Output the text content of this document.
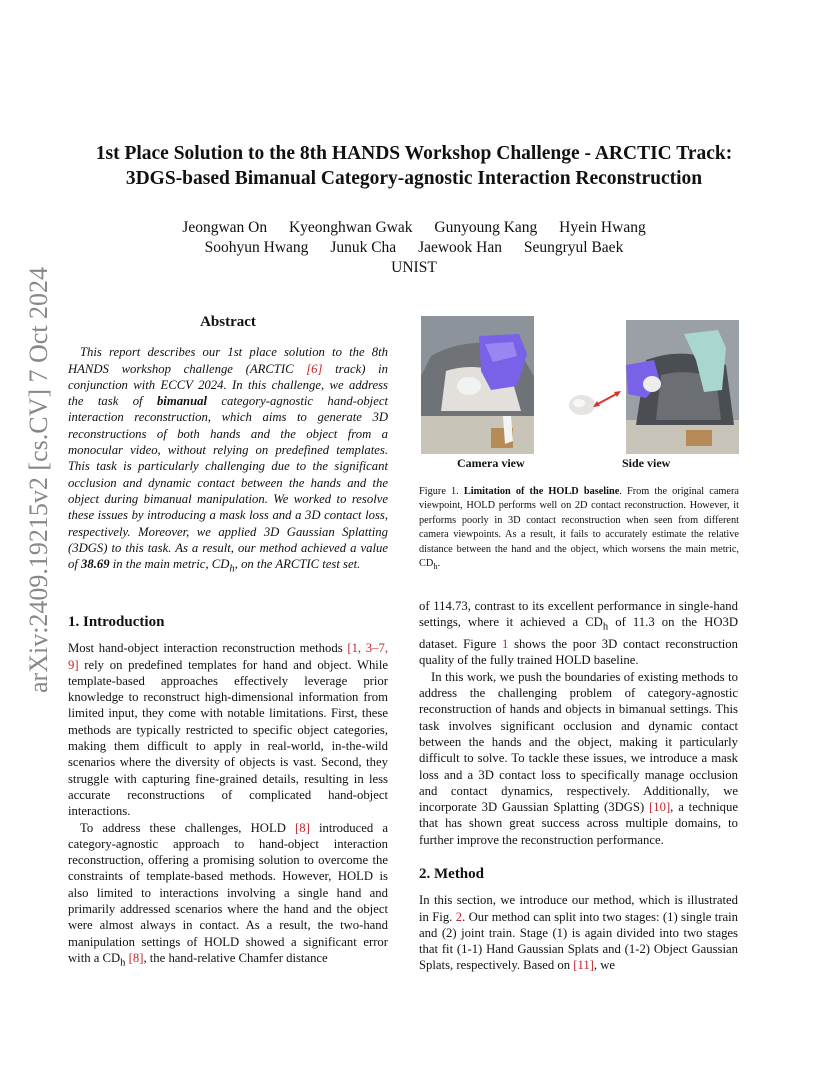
arXiv:2409.19215v2 [cs.CV] 7 Oct 2024
1st Place Solution to the 8th HANDS Workshop Challenge - ARCTIC Track:
3DGS-based Bimanual Category-agnostic Interaction Reconstruction
Jeongwan On Kyeonghwan Gwak Gunyoung Kang Hyein Hwang
Soohyun Hwang Junuk Cha Jaewook Han Seungryul Baek
UNIST
Abstract

This report describes our 1st place solution to the 8th HANDS workshop challenge (ARCTIC [6] track) in conjunction with ECCV 2024. In this challenge, we address the task of bimanual category-agnostic hand-object interaction reconstruction, which aims to generate 3D reconstructions of both hands and the object from a monocular video, without relying on predefined templates. This task is particularly challenging due to the significant occlusion and dynamic contact between the hands and the object during bimanual manipulation. We worked to resolve these issues by introducing a mask loss and a 3D contact loss, respectively. Moreover, we applied 3D Gaussian Splatting (3DGS) to this task. As a result, our method achieved a value of 38.69 in the main metric, $CD_h$, on the ARCTIC test set.

1. Introduction

Most hand-object interaction reconstruction methods [1, 3–7, 9] rely on predefined templates for hand and object. While template-based approaches effectively leverage prior knowledge to reconstruct high-dimensional information from limited input, they come with notable limitations. First, these methods are typically restricted to specific object categories, making them difficult to apply in real-world, in-the-wild scenarios where the diversity of objects is vast. Second, they struggle with capturing fine-grained details, resulting in less accurate reconstructions of complicated hand-object interactions.

To address these challenges, HOLD [8] introduced a category-agnostic approach to hand-object interaction reconstruction, offering a promising solution to overcome the constraints of template-based methods. However, HOLD is also limited to interactions involving a single hand and primarily addressed scenarios where the hand and the object were almost always in contact. As a result, the two-hand manipulation settings of HOLD showed a significant error with a $CD_h$ [8], the hand-relative Chamfer distance

Camera view	Side view
Figure 1. Limitation of the HOLD baseline. From the original camera viewpoint, HOLD performs well on 2D contact reconstruction. However, it performs poorly in 3D contact reconstruction when seen from different camera viewpoints. As a result, it fails to accurately estimate the relative distance between the hand and the object, which worsens the main metric, $CD_h$.

of 114.73, contrast to its excellent performance in single-hand settings, where it achieved a $CD_h$ of 11.3 on the HO3D dataset. Figure 1 shows the poor 3D contact reconstruction quality of the fully trained HOLD baseline.

In this work, we push the boundaries of existing methods to address the challenging problem of category-agnostic reconstruction of hands and objects in bimanual settings. This task involves significant occlusion and dynamic contact between the hands and the object, making it particularly difficult to solve. To tackle these issues, we introduce a mask loss and a 3D contact loss to specifically manage occlusion and contact dynamics, respectively. Additionally, we incorporate 3D Gaussian Splatting (3DGS) [10], a technique that has shown great success across multiple domains, to further improve the reconstruction performance.

2. Method

In this section, we introduce our method, which is illustrated in Fig. 2. Our method can split into two stages: (1) single train and (2) joint train. Stage (1) is again divided into two stages that fit (1-1) Hand Gaussian Splats and (1-2) Object Gaussian Splats, respectively. Based on [11], we
